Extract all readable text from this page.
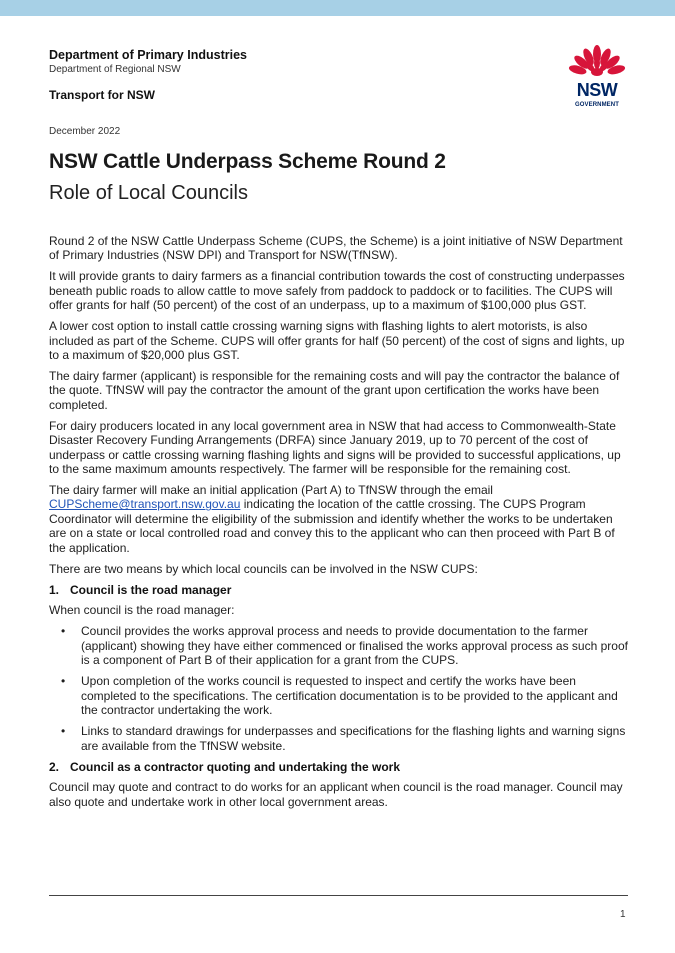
Department of Primary Industries

Department of Regional NSW

Transport for NSW

December 2022

NSW Cattle Underpass Scheme Round 2
Role of Local Councils
NSW
GOVERNMENT

Round 2 of the NSW Cattle Underpass Scheme (CUPS, the Scheme) is a joint initiative of NSW Department of Primary Industries (NSW DPI) and Transport for NSW(TfNSW).

It will provide grants to dairy farmers as a financial contribution towards the cost of constructing underpasses beneath public roads to allow cattle to move safely from paddock to paddock or to facilities. The CUPS will offer grants for half (50 percent) of the cost of an underpass, up to a maximum of $100,000 plus GST.

A lower cost option to install cattle crossing warning signs with flashing lights to alert motorists, is also included as part of the Scheme. CUPS will offer grants for half (50 percent) of the cost of signs and lights, up to a maximum of $20,000 plus GST.

The dairy farmer (applicant) is responsible for the remaining costs and will pay the contractor the balance of the quote. TfNSW will pay the contractor the amount of the grant upon certification the works have been completed.

For dairy producers located in any local government area in NSW that had access to Commonwealth-State Disaster Recovery Funding Arrangements (DRFA) since January 2019, up to 70 percent of the cost of underpass or cattle crossing warning flashing lights and signs will be provided to successful applications, up to the same maximum amounts respectively. The farmer will be responsible for the remaining cost.

The dairy farmer will make an initial application (Part A) to TfNSW through the email CUPScheme@transport.nsw.gov.au indicating the location of the cattle crossing. The CUPS Program Coordinator will determine the eligibility of the submission and identify whether the works to be undertaken are on a state or local controlled road and convey this to the applicant who can then proceed with Part B of the application.

There are two means by which local councils can be involved in the NSW CUPS:

1. Council is the road manager

When council is the road manager:

• Council provides the works approval process and needs to provide documentation to the farmer (applicant) showing they have either commenced or finalised the works approval process as such proof is a component of Part B of their application for a grant from the CUPS.
• Upon completion of the works council is requested to inspect and certify the works have been completed to the specifications. The certification documentation is to be provided to the applicant and the contractor undertaking the work.
• Links to standard drawings for underpasses and specifications for the flashing lights and warning signs are available from the TfNSW website.
2. Council as a contractor quoting and undertaking the work

Council may quote and contract to do works for an applicant when council is the road manager. Council may also quote and undertake work in other local government areas.

1
